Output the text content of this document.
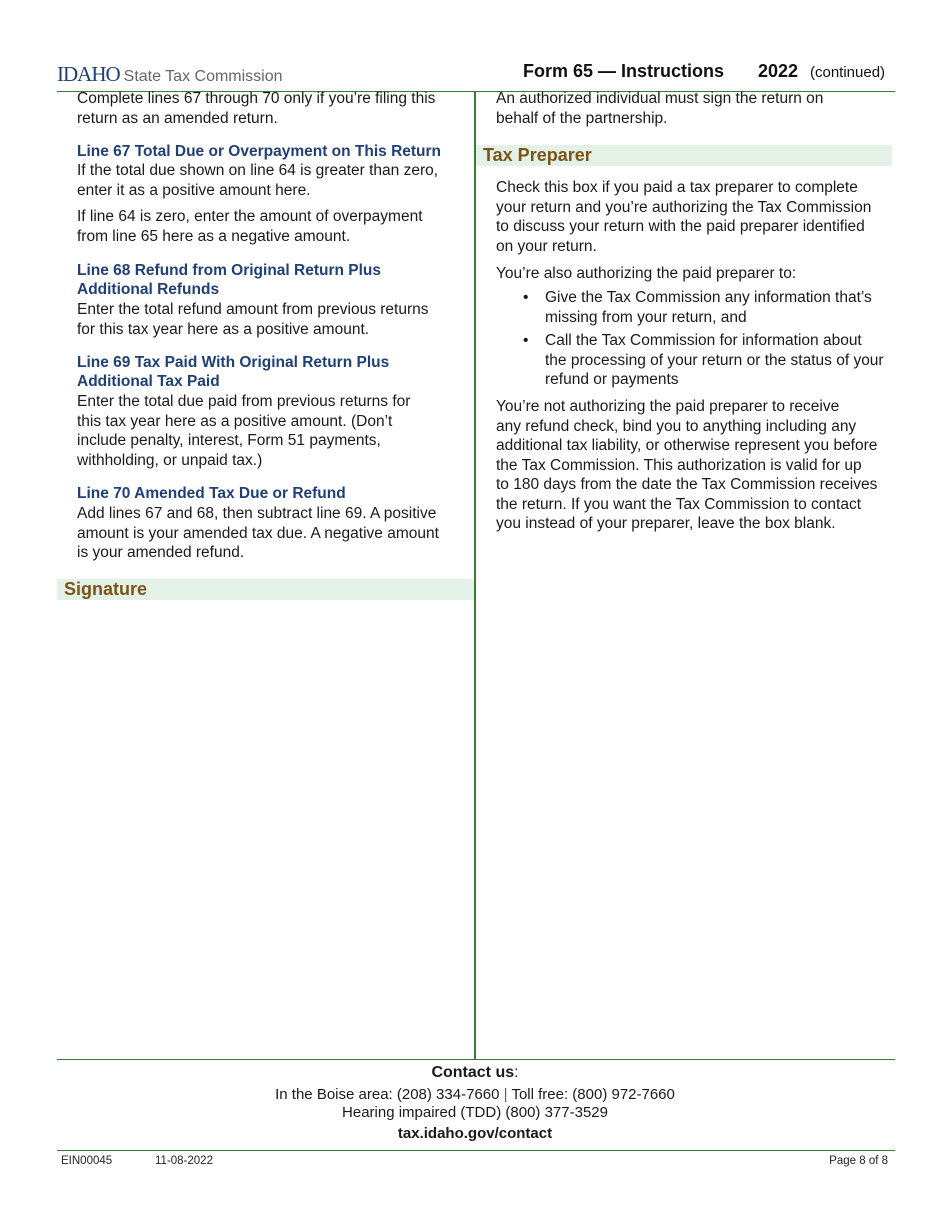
IDAHO State Tax Commission	Form 65 — Instructions 2022 (continued)
Complete lines 67 through 70 only if you’re filing this
return as an amended return.
Line 67 Total Due or Overpayment on This Return
If the total due shown on line 64 is greater than zero,
enter it as a positive amount here.
If line 64 is zero, enter the amount of overpayment
from line 65 here as a negative amount.
Line 68 Refund from Original Return Plus
Additional Refunds
Enter the total refund amount from previous returns
for this tax year here as a positive amount.
Line 69 Tax Paid With Original Return Plus
Additional Tax Paid
Enter the total due paid from previous returns for
this tax year here as a positive amount. (Don’t
include penalty, interest, Form 51 payments,
withholding, or unpaid tax.)
Line 70 Amended Tax Due or Refund
Add lines 67 and 68, then subtract line 69. A positive
amount is your amended tax due. A negative amount
is your amended refund.
Signature
An authorized individual must sign the return on
behalf of the partnership.
Tax Preparer
Check this box if you paid a tax preparer to complete
your return and you’re authorizing the Tax Commission
to discuss your return with the paid preparer identified
on your return.
You’re also authorizing the paid preparer to:
• Give the Tax Commission any information that’s
missing from your return, and
• Call the Tax Commission for information about
the processing of your return or the status of your
refund or payments
You’re not authorizing the paid preparer to receive
any refund check, bind you to anything including any
additional tax liability, or otherwise represent you before
the Tax Commission. This authorization is valid for up
to 180 days from the date the Tax Commission receives
the return. If you want the Tax Commission to contact
you instead of your preparer, leave the box blank.
Contact us:
In the Boise area: (208) 334-7660 | Toll free: (800) 972-7660
Hearing impaired (TDD) (800) 377-3529
tax.idaho.gov/contact
EIN00045	11-08-2022	Page 8 of 8
